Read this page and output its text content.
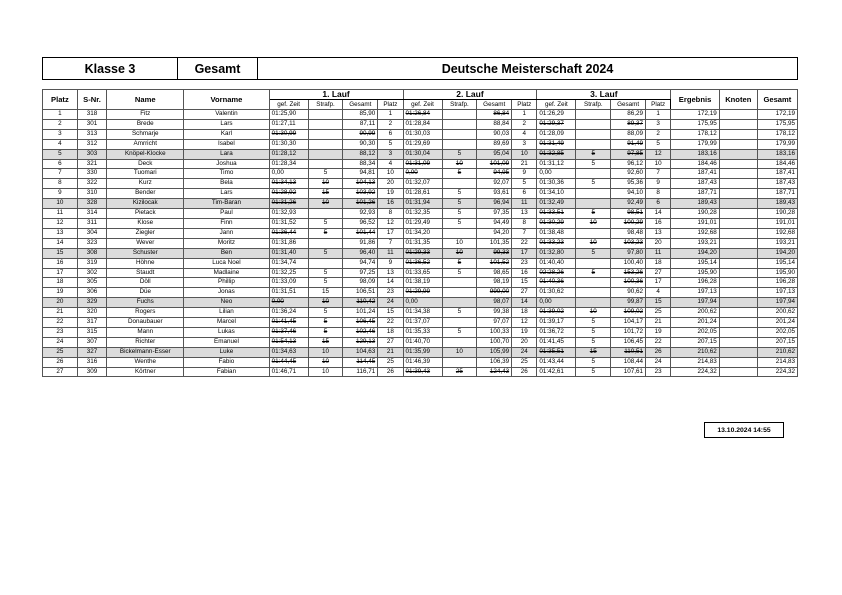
Klasse 3	Gesamt	Deutsche Meisterschaft 2024
Platz	S-Nr.	Name	Vorname	1. Lauf				2. Lauf				3. Lauf				Ergebnis	Knoten	Gesamt
				gef. Zeit	Strafp.	Gesamt	Platz	gef. Zeit	Strafp.	Gesamt	Platz	gef. Zeit	Strafp.	Gesamt	Platz			
1	318	Fitz	Valentin	01:25,90		85,90	1	01:26,84		86,84	1	01:26,29		86,29	1	172,19		172,19
2	301	Brede	Lars	01:27,11		87,11	2	01:28,84		88,84	2	01:29,37		89,37	3	175,95		175,95
3	313	Schmarje	Karl	01:30,99		90,99	6	01:30,03		90,03	4	01:28,09		88,09	2	178,12		178,12
4	312	Amrricht	Isabel	01:30,30		90,30	5	01:29,69		89,69	3	01:31,49		91,49	5	179,99		179,99
5	303	Knöpel-Klocke	Lara	01:28,12		88,12	3	01:30,04	5	95,04	10	01:32,85	5	97,85	12	183,16		183,16
6	321	Deck	Joshua	01:28,34		88,34	4	01:31,09	10	101,09	21	01:31,12	5	96,12	10	184,46		184,46
7	330	Tuomari	Timo	0,00	5	94,81	10	0,00	5	94,95	9	0,00		92,60	7	187,41		187,41
8	322	Kurz	Bela	01:34,13	10	104,13	20	01:32,07		92,07	5	01:30,36	5	95,36	9	187,43		187,43
9	310	Bender	Lars	01:28,92	15	103,92	19	01:28,61	5	93,61	6	01:34,10		94,10	8	187,71		187,71
10	328	Kizilocak	Tim-Baran	01:31,26	10	101,26	16	01:31,94	5	96,94	11	01:32,49		92,49	6	189,43		189,43
11	314	Pietack	Paul	01:32,93		92,93	8	01:32,35	5	97,35	13	01:33,51	5	98,51	14	190,28		190,28
12	311	Klose	Finn	01:31,52	5	96,52	12	01:29,49	5	94,49	8	01:30,29	10	100,29	16	191,01		191,01
13	304	Ziegler	Jann	01:36,44	5	101,44	17	01:34,20		94,20	7	01:38,48		98,48	13	192,68		192,68
14	323	Wever	Moritz	01:31,86		91,86	7	01:31,35	10	101,35	22	01:33,23	10	103,23	20	193,21		193,21
15	308	Schuster	Ben	01:31,40	5	96,40	11	01:29,33	10	99,33	17	01:32,80	5	97,80	11	194,20		194,20
16	319	Höhne	Luca Noel	01:34,74		94,74	9	01:36,52	5	101,52	23	01:40,40		100,40	18	195,14		195,14
17	302	Staudt	Madlaine	01:32,25	5	97,25	13	01:33,65	5	98,65	16	02:28,26	5	153,26	27	195,90		195,90
18	305	Döll	Phillip	01:33,09	5	98,09	14	01:38,19		98,19	15	01:40,36		100,36	17	196,28		196,28
19	306	Düe	Jonas	01:31,51	15	106,51	23	01:29,99		999,00	27	01:30,62		90,62	4	197,13		197,13
20	329	Fuchs	Neo	0,00	10	110,42	24	0,00		98,07	14	0,00		99,87	15	197,94		197,94
21	320	Rogers	Lilian	01:36,24	5	101,24	15	01:34,38	5	99,38	18	01:39,02	10	109,02	25	200,62		200,62
22	317	Donaubauer	Marcel	01:41,45	5	106,45	22	01:37,07		97,07	12	01:39,17	5	104,17	21	201,24		201,24
23	315	Mann	Lukas	01:37,46	5	102,46	18	01:35,33	5	100,33	19	01:36,72	5	101,72	19	202,05		202,05
24	307	Richter	Emanuel	01:54,13	15	129,13	27	01:40,70		100,70	20	01:41,45	5	106,45	22	207,15		207,15
25	327	Bickelmann-Esser	Luke	01:34,63	10	104,63	21	01:35,99	10	105,99	24	01:35,51	15	110,51	26	210,62		210,62
26	316	Wenthe	Fabio	01:44,45	10	114,45	25	01:46,39		106,39	25	01:43,44	5	108,44	24	214,83		214,83
27	309	Körtner	Fabian	01:46,71	10	116,71	26	01:39,43	25	124,43	26	01:42,61	5	107,61	23	224,32		224,32
13.10.2024 14:55
